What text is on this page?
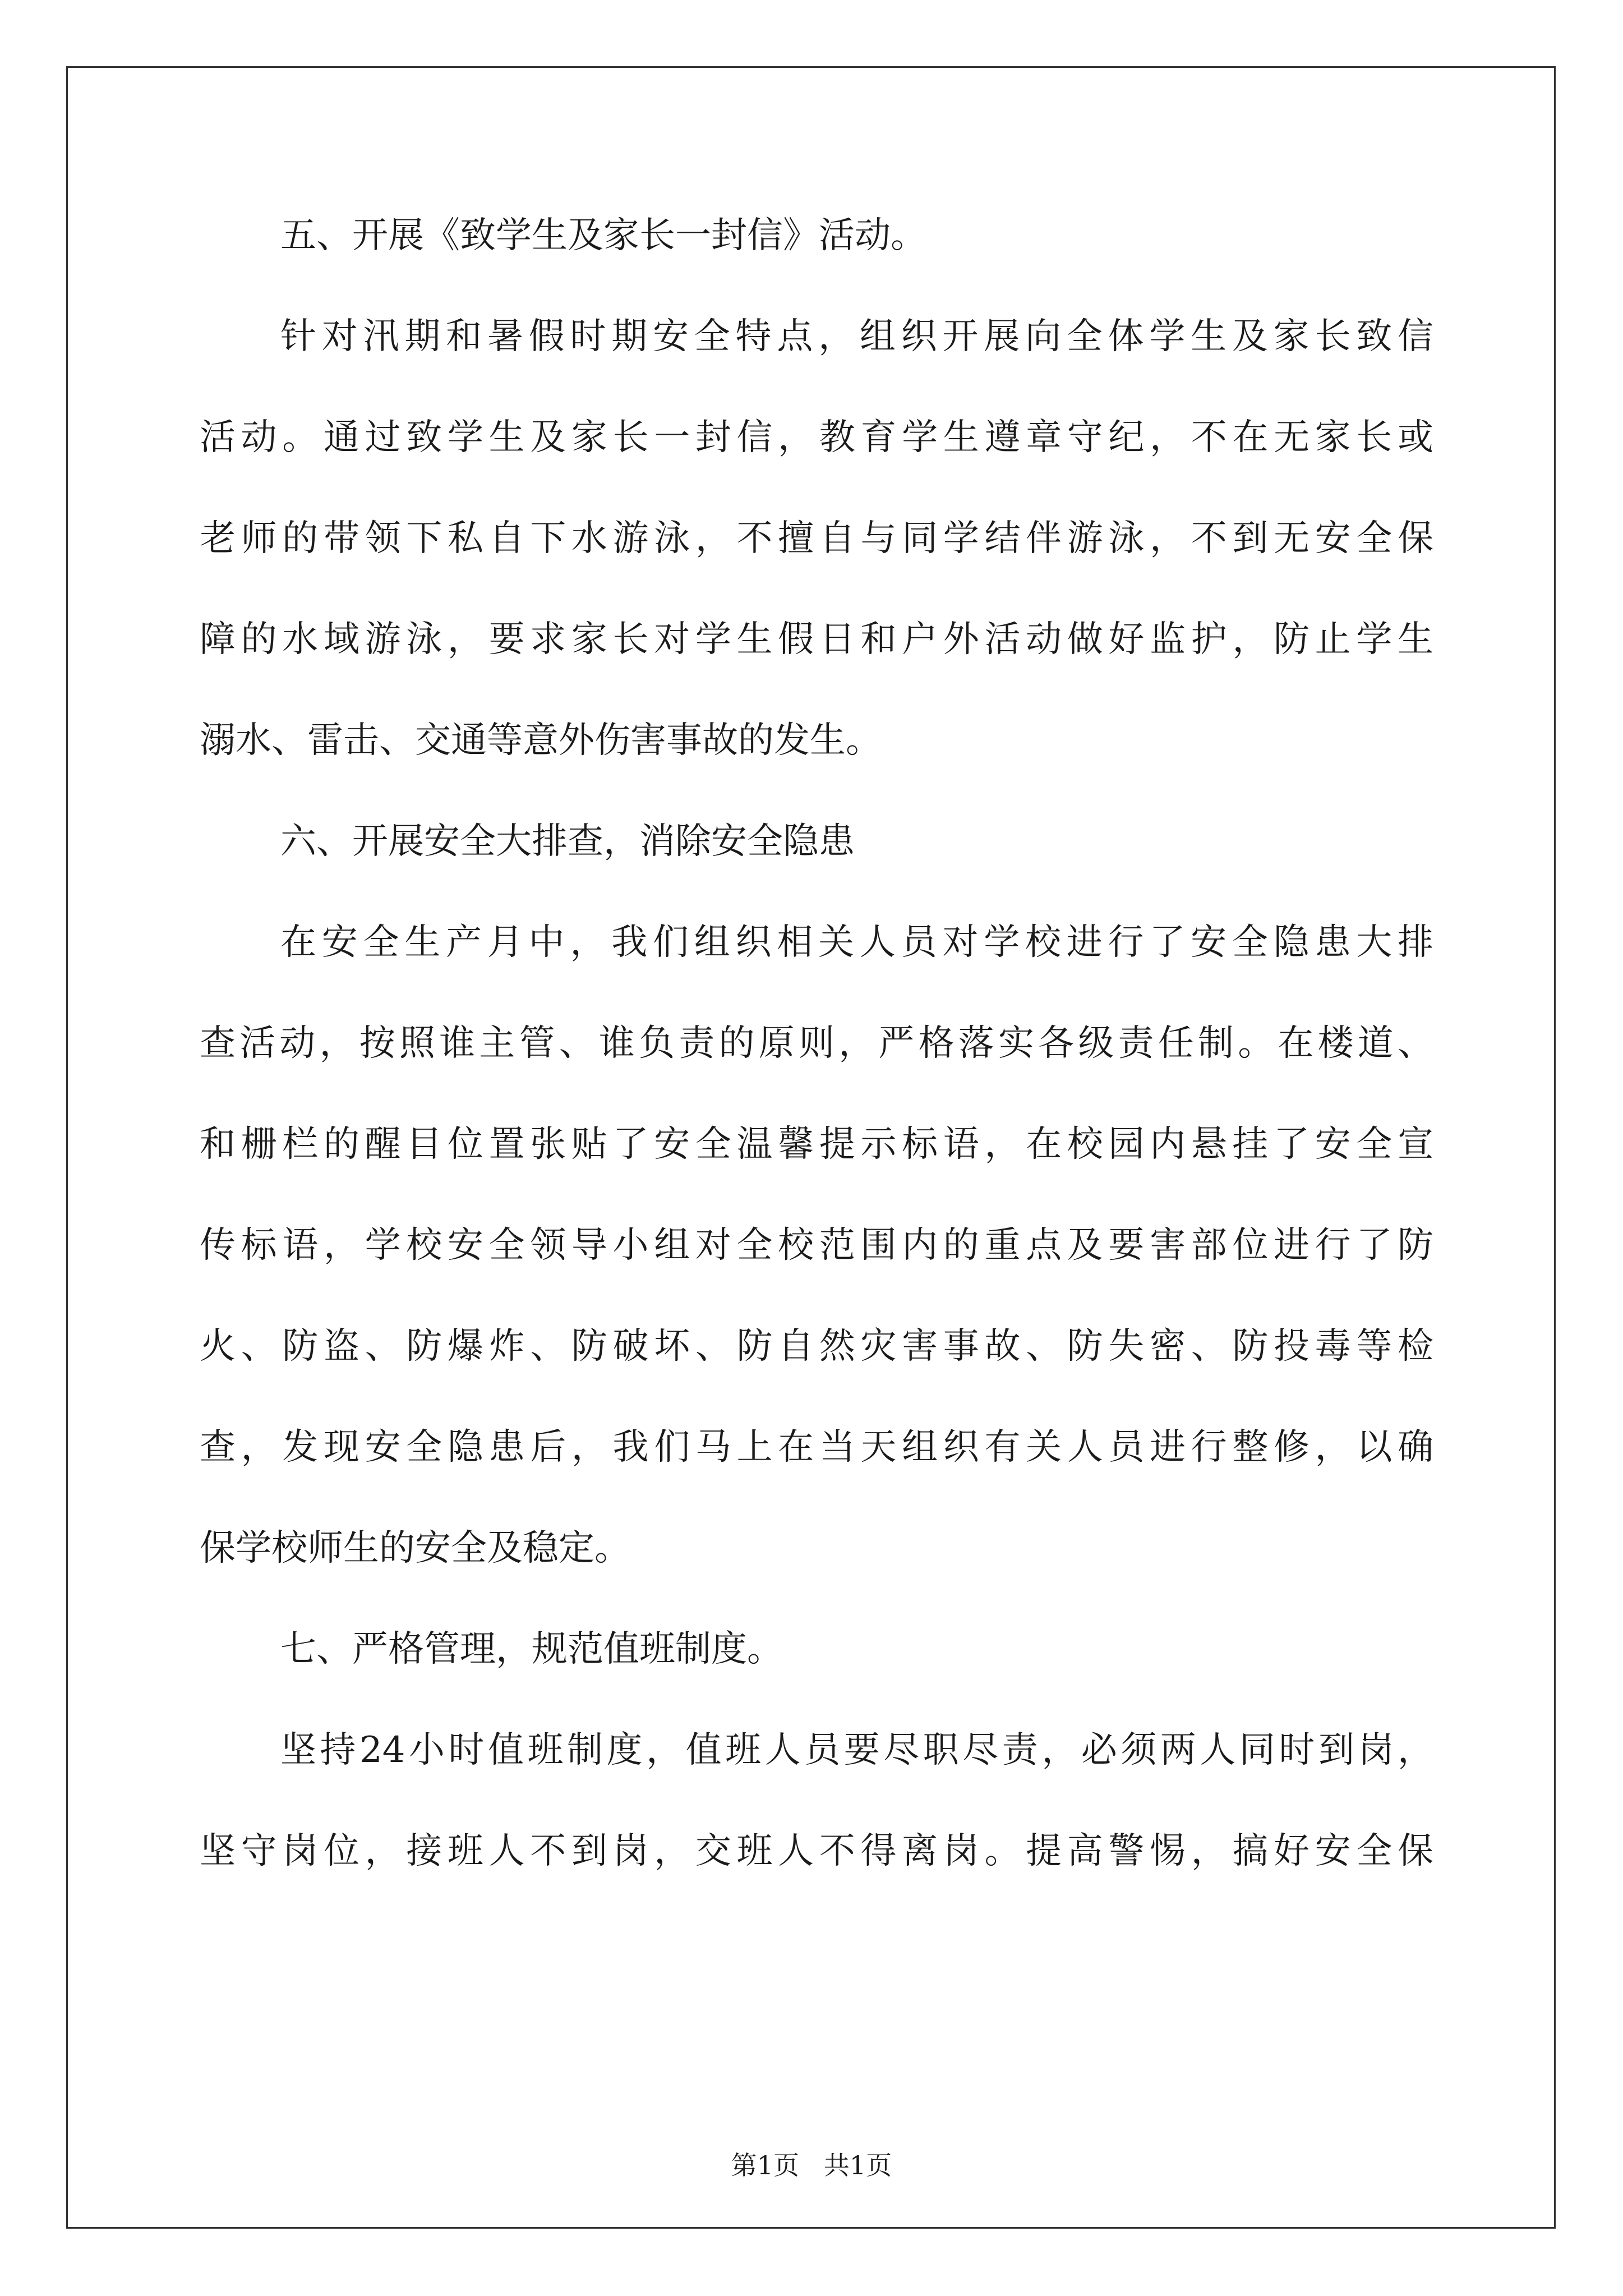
五、开展《致学生及家长一封信》活动。
针对汛期和暑假时期安全特点，组织开展向全体学生及家长致信
活动。通过致学生及家长一封信，教育学生遵章守纪，不在无家长或
老师的带领下私自下水游泳，不擅自与同学结伴游泳，不到无安全保
障的水域游泳，要求家长对学生假日和户外活动做好监护，防止学生
溺水、雷击、交通等意外伤害事故的发生。
六、开展安全大排查，消除安全隐患
在安全生产月中，我们组织相关人员对学校进行了安全隐患大排
查活动，按照谁主管、谁负责的原则，严格落实各级责任制。在楼道、
和栅栏的醒目位置张贴了安全温馨提示标语，在校园内悬挂了安全宣
传标语，学校安全领导小组对全校范围内的重点及要害部位进行了防
火、防盗、防爆炸、防破坏、防自然灾害事故、防失密、防投毒等检
查，发现安全隐患后，我们马上在当天组织有关人员进行整修，以确
保学校师生的安全及稳定。
七、严格管理，规范值班制度。
坚持24小时值班制度，值班人员要尽职尽责，必须两人同时到岗，
坚守岗位，接班人不到岗，交班人不得离岗。提高警惕，搞好安全保
第1页   共1页
